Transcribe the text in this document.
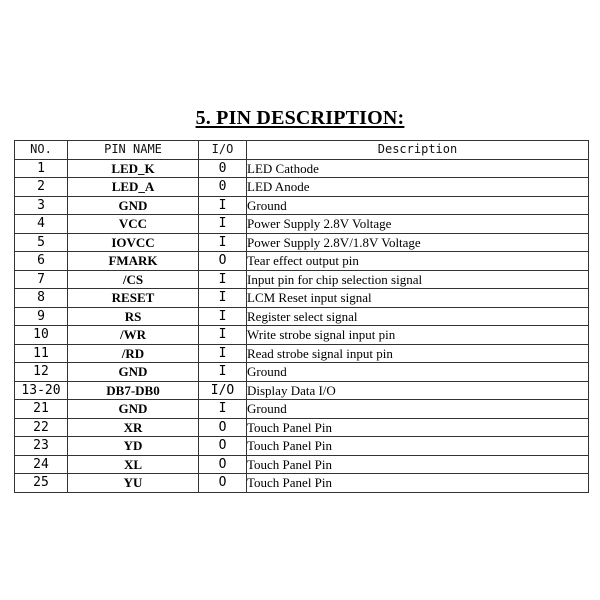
5. PIN DESCRIPTION:
NO.	PIN NAME	I/O	Description
1	LED_K	0	LED Cathode
2	LED_A	0	LED Anode
3	GND	I	Ground
4	VCC	I	Power Supply 2.8V Voltage
5	IOVCC	I	Power Supply 2.8V/1.8V Voltage
6	FMARK	O	Tear effect output pin
7	/CS	I	Input pin for chip selection signal
8	RESET	I	LCM Reset input signal
9	RS	I	Register select signal
10	/WR	I	Write strobe signal input pin
11	/RD	I	Read strobe signal input pin
12	GND	I	Ground
13-20	DB7-DB0	I/O	Display Data I/O
21	GND	I	Ground
22	XR	O	Touch Panel Pin
23	YD	O	Touch Panel Pin
24	XL	O	Touch Panel Pin
25	YU	O	Touch Panel Pin
